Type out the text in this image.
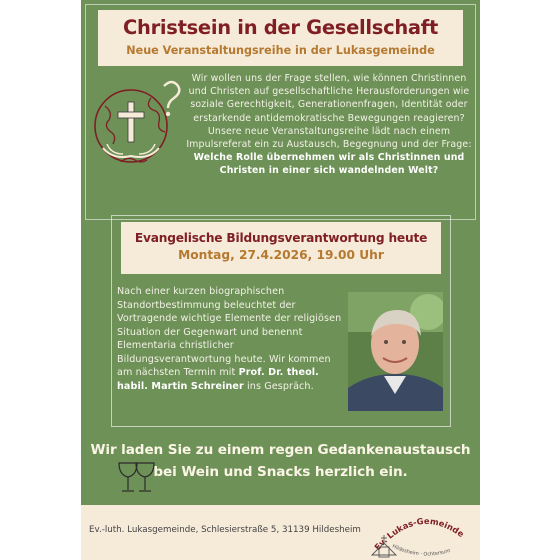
Christsein in der Gesellschaft
Neue Veranstaltungsreihe in der Lukasgemeinde
Wir wollen uns der Frage stellen, wie können Christinnen und Christen auf gesellschaftliche Herausforderungen wie soziale Gerechtigkeit, Generationenfragen, Identität oder erstarkende antidemokratische Bewegungen reagieren? Unsere neue Veranstaltungsreihe lädt nach einem Impulsreferat ein zu Austausch, Begegnung und der Frage: Welche Rolle übernehmen wir als Christinnen und Christen in einer sich wandelnden Welt?
Evangelische Bildungsverantwortung heute
Montag, 27.4.2026, 19.00 Uhr
Nach einer kurzen biographischen Standortbestimmung beleuchtet der Vortragende wichtige Elemente der religiösen Situation der Gegenwart und benennt Elementaria christlicher Bildungsverantwortung heute. Wir kommen am nächsten Termin mit Prof. Dr. theol. habil. Martin Schreiner ins Gespräch.
Wir laden Sie zu einem regen Gedankenaustausch
bei Wein und Snacks herzlich ein.
Ev.-luth. Lukasgemeinde, Schlesierstraße 5, 31139 Hildesheim
Ev. Lukas-Gemeinde
Hildesheim · Ochtersum
